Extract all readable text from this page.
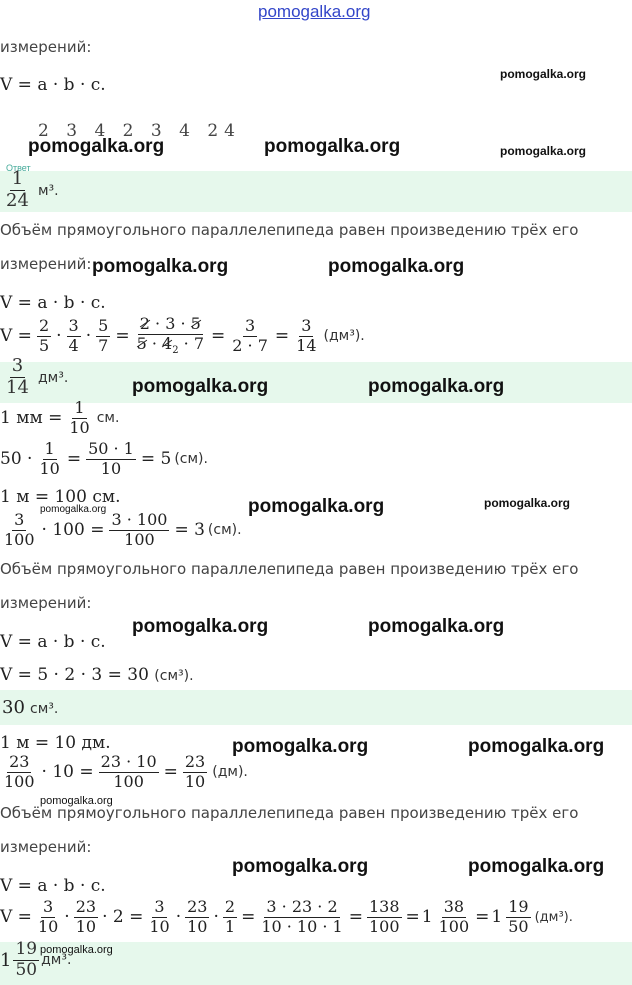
pomogalka.org
измерений:
V = a · b · c.
2 3 4 2 3 4 24
Ответ
$\frac{1}{24} м^3$.
Объём прямоугольного параллелепипеда равен произведению трёх его
измерений:
V = a · b · c.
$V = \frac{2}{5} \cdot \frac{3}{4} \cdot \frac{5}{7} = \frac{2 \cdot 3 \cdot 5}{5 \cdot 4_2 \cdot 7} = \frac{3}{2 \cdot 7} = \frac{3}{14} (дм^3)$.
$\frac{3}{14} дм^3$.
1 мм = $\frac{1}{10}$ см.
$50 \cdot \frac{1}{10} = \frac{50 \cdot 1}{10} = 5$ (см).
1 м = 100 см.
$\frac{3}{100} \cdot 100 = \frac{3 \cdot 100}{100} = 3$ (см).
Объём прямоугольного параллелепипеда равен произведению трёх его
измерений:
V = a · b · c.
V = 5 · 2 · 3 = 30 (см³).
30 см³.
1 м = 10 дм.
$\frac{23}{100} \cdot 10 = \frac{23 \cdot 10}{100} = \frac{23}{10} (дм)$.
Объём прямоугольного параллелепипеда равен произведению трёх его
измерений:
V = a · b · c.
$V = \frac{3}{10} \cdot \frac{23}{10} \cdot 2 = \frac{3}{10} \cdot \frac{23}{10} \cdot \frac{2}{1} = \frac{3 \cdot 23 \cdot 2}{10 \cdot 10 \cdot 1} = \frac{138}{100} = 1 \frac{38}{100} = 1 \frac{19}{50} (дм^3)$.
$1 \frac{19}{50} дм^3$.
pomogalka.org
pomogalka.org	pomogalka.org	pomogalka.org
pomogalka.org	pomogalka.org
pomogalka.org	pomogalka.org
pomogalka.org	pomogalka.org
pomogalka.org
pomogalka.org	pomogalka.org
pomogalka.org	pomogalka.org
pomogalka.org
pomogalka.org	pomogalka.org
pomogalka.org
